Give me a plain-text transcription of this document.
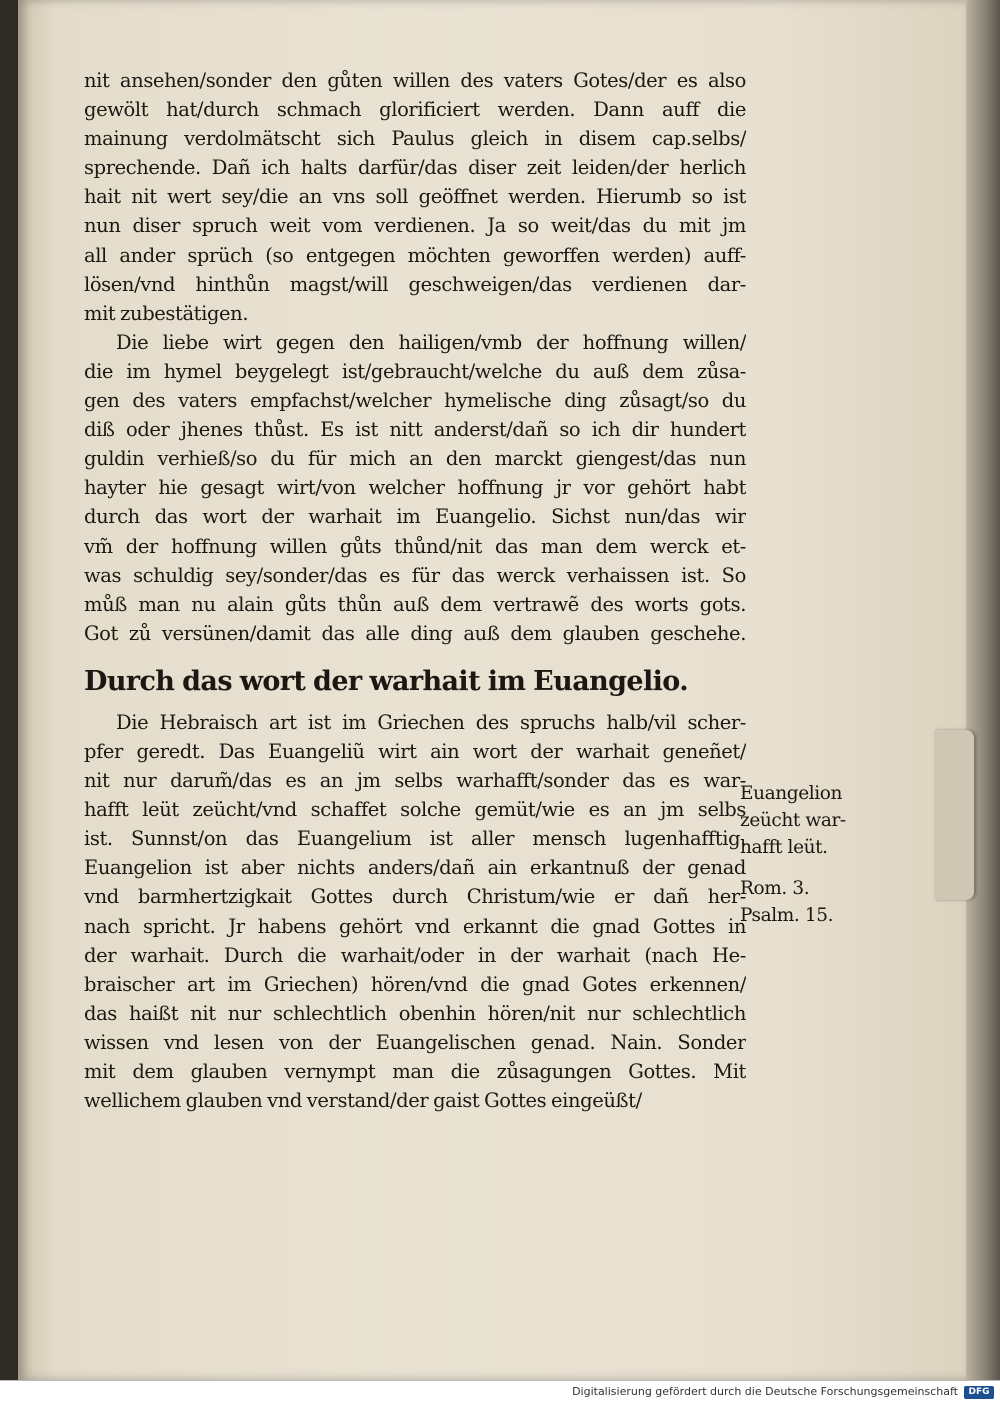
nit ansehen/sonder den gůten willen des vaters Gotes/der es also
gewölt hat/durch schmach glorificiert werden. Dann auff die
mainung verdolmätscht sich Paulus gleich in disem cap.selbs/
sprechende. Dañ ich halts darfür/das diser zeit leiden/der herlich
hait nit wert sey/die an vns soll geöffnet werden. Hierumb so ist
nun diser spruch weit vom verdienen. Ja so weit/das du mit jm
all ander sprüch (so entgegen möchten geworffen werden) auff-
lösen/vnd hinthůn magst/will geschweigen/das verdienen dar-
mit zubestätigen.
Die liebe wirt gegen den hailigen/vmb der hoffnung willen/
die im hymel beygelegt ist/gebraucht/welche du auß dem zůsa-
gen des vaters empfachst/welcher hymelische ding zůsagt/so du
diß oder jhenes thůst. Es ist nitt anderst/dañ so ich dir hundert
guldin verhieß/so du für mich an den marckt giengest/das nun
hayter hie gesagt wirt/von welcher hoffnung jr vor gehört habt
durch das wort der warhait im Euangelio. Sichst nun/das wir
vm̃ der hoffnung willen gůts thůnd/nit das man dem werck et-
was schuldig sey/sonder/das es für das werck verhaissen ist. So
můß man nu alain gůts thůn auß dem vertrawẽ des worts gots.
Got zů versünen/damit das alle ding auß dem glauben geschehe.
Durch das wort der warhait im Euangelio.
Die Hebraisch art ist im Griechen des spruchs halb/vil scher-
pfer geredt. Das Euangeliũ wirt ain wort der warhait geneñet/
nit nur darum̃/das es an jm selbs warhafft/sonder das es war-
hafft leüt zeücht/vnd schaffet solche gemüt/wie es an jm selbs
ist. Sunnst/on das Euangelium ist aller mensch lugenhafftig.
Euangelion ist aber nichts anders/dañ ain erkantnuß der genad
vnd barmhertzigkait Gottes durch Christum/wie er dañ her-
nach spricht. Jr habens gehört vnd erkannt die gnad Gottes in
der warhait. Durch die warhait/oder in der warhait (nach He-
braischer art im Griechen) hören/vnd die gnad Gotes erkennen/
das haißt nit nur schlechtlich obenhin hören/nit nur schlechtlich
wissen vnd lesen von der Euangelischen genad. Nain. Sonder
mit dem glauben vernympt man die zůsagungen Gottes. Mit
wellichem glauben vnd verstand/der gaist Gottes eingeüßt/
Euangelion
zeücht war-
hafft leüt.
Rom. 3.
Psalm. 15.
Digitalisierung gefördert durch die Deutsche Forschungsgemeinschaft	DFG
